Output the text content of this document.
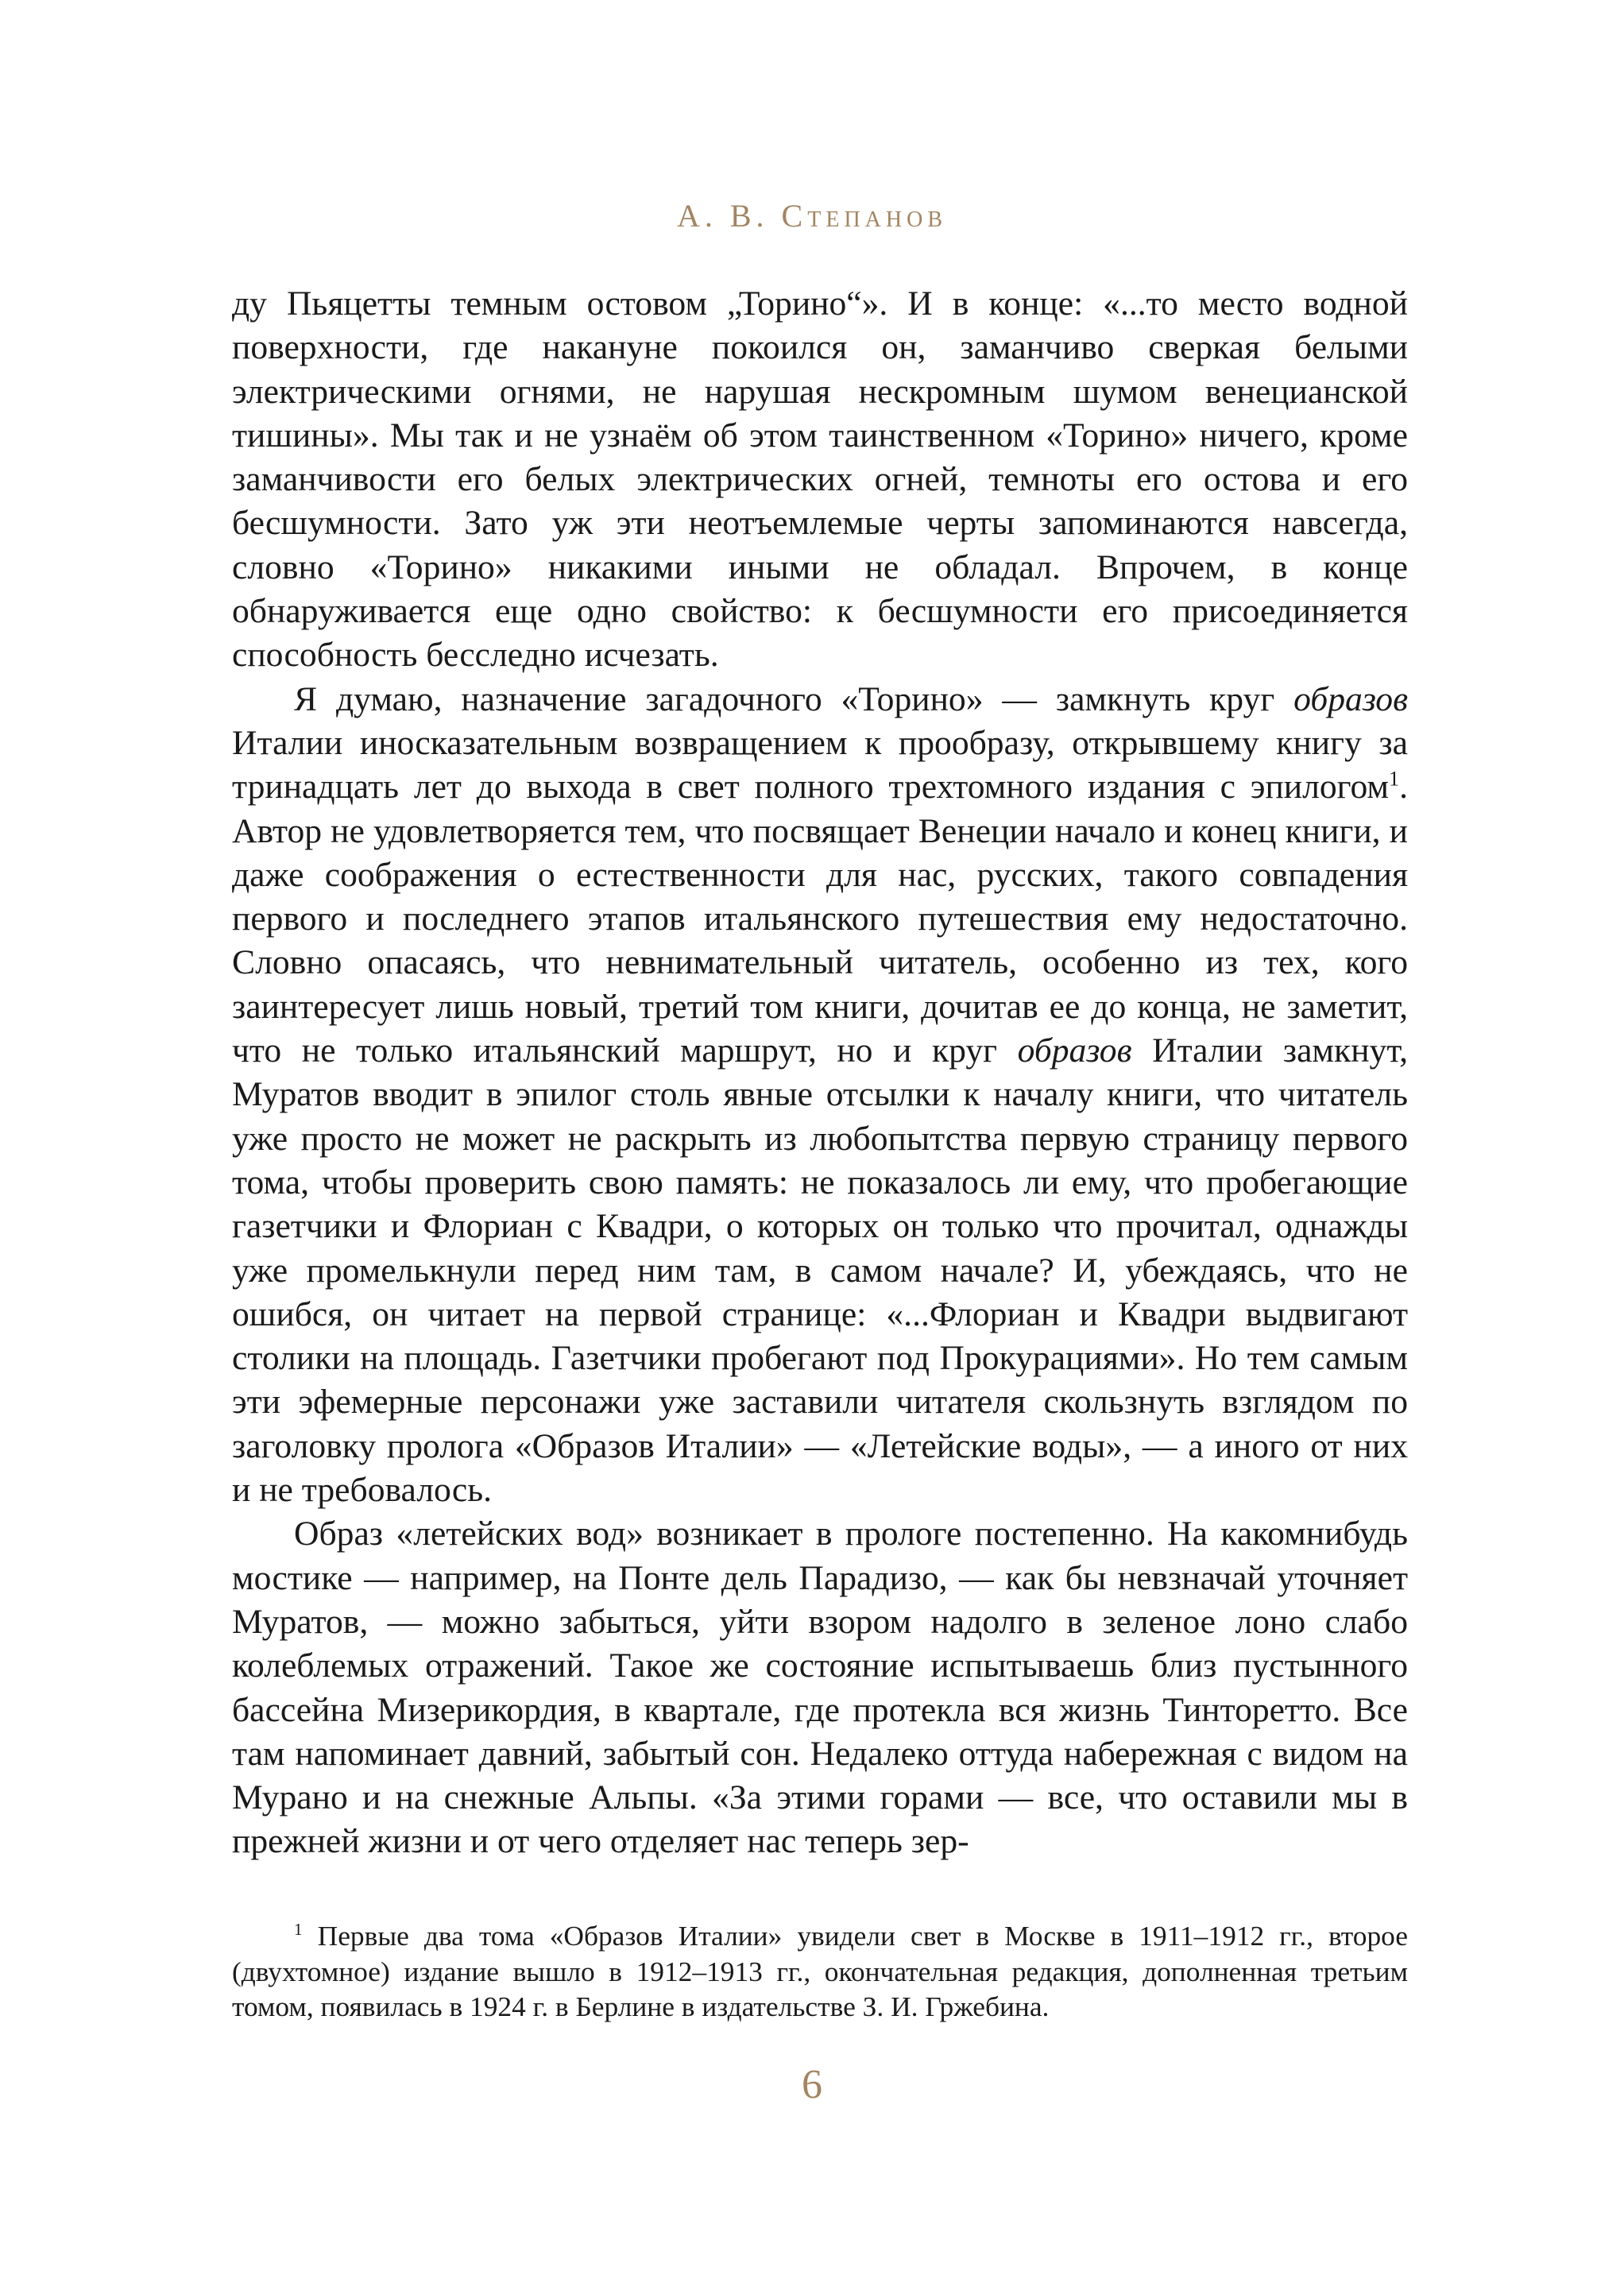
А. В. Степанов

ду Пьяцетты темным остовом „Торино“». И в конце: «...то место водной поверхности, где накануне покоился он, заманчиво сверкая белыми электрическими огнями, не нарушая нескромным шумом венецианской тишины». Мы так и не узнаём об этом таинственном «Торино» ничего, кроме заманчивости его белых электрических огней, темноты его остова и его бесшумности. Зато уж эти неотъемлемые черты запоминаются навсегда, словно «Торино» никакими иными не обладал. Впрочем, в конце обнаруживается еще одно свойство: к бесшумности его присоединяется способность бесследно исчезать.

Я думаю, назначение загадочного «Торино» — замкнуть круг образов Италии иносказательным возвращением к прообразу, открывшему книгу за тринадцать лет до выхода в свет полного трехтомного издания с эпилогом$^1$. Автор не удовлетворяется тем, что посвящает Венеции начало и конец книги, и даже соображения о естественности для нас, русских, такого совпадения первого и последнего этапов итальянского путешествия ему недостаточно. Словно опасаясь, что невнимательный читатель, особенно из тех, кого заинтересует лишь новый, третий том книги, дочитав ее до конца, не заметит, что не только итальянский маршрут, но и круг образов Италии замкнут, Муратов вводит в эпилог столь явные отсылки к началу книги, что читатель уже просто не может не раскрыть из любопытства первую страницу первого тома, чтобы проверить свою память: не показалось ли ему, что пробегающие газетчики и Флориан с Квадри, о которых он только что прочитал, однажды уже промелькнули перед ним там, в самом начале? И, убеждаясь, что не ошибся, он читает на первой странице: «...Флориан и Квадри выдвигают столики на площадь. Газетчики пробегают под Прокурациями». Но тем самым эти эфемерные персонажи уже заставили читателя скользнуть взглядом по заголовку пролога «Образов Италии» — «Летейские воды», — а иного от них и не требовалось.

Образ «летейских вод» возникает в прологе постепенно. На какомнибудь мостике — например, на Понте дель Парадизо, — как бы невзначай уточняет Муратов, — можно забыться, уйти взором надолго в зеленое лоно слабо колеблемых отражений. Такое же состояние испытываешь близ пустынного бассейна Мизерикордия, в квартале, где протекла вся жизнь Тинторетто. Все там напоминает давний, забытый сон. Недалеко оттуда набережная с видом на Мурано и на снежные Альпы. «За этими горами — все, что оставили мы в прежней жизни и от чего отделяет нас теперь зер-

$^1$ Первые два тома «Образов Италии» увидели свет в Москве в 1911–1912 гг., второе (двухтомное) издание вышло в 1912–1913 гг., окончательная редакция, дополненная третьим томом, появилась в 1924 г. в Берлине в издательстве З. И. Гржебина.
6
